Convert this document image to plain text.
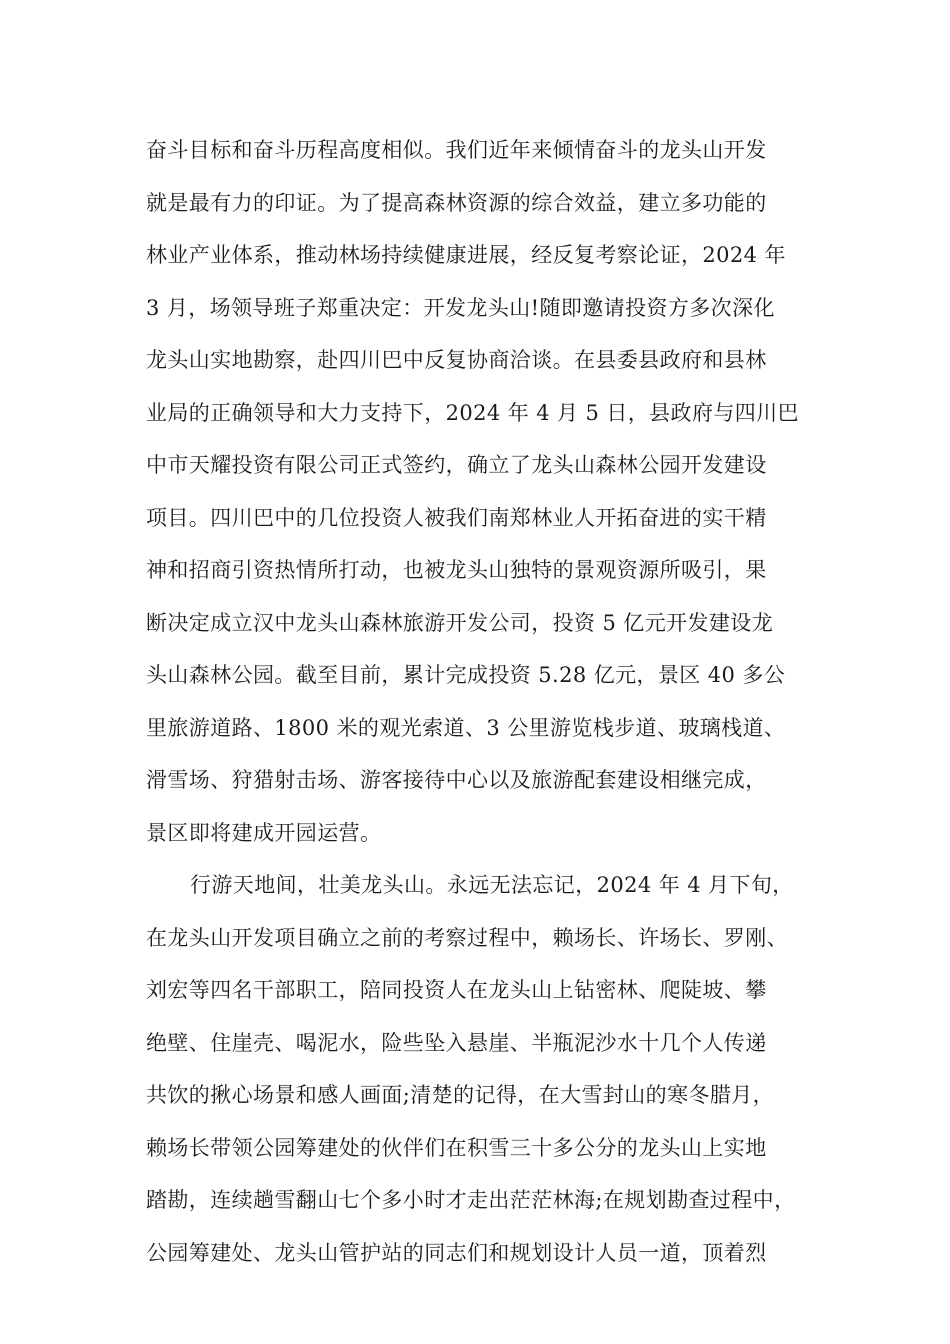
奋斗目标和奋斗历程高度相似。我们近年来倾情奋斗的龙头山开发
就是最有力的印证。为了提高森林资源的综合效益，建立多功能的
林业产业体系，推动林场持续健康进展，经反复考察论证，2024 年
3 月，场领导班子郑重决定：开发龙头山!随即邀请投资方多次深化
龙头山实地勘察，赴四川巴中反复协商洽谈。在县委县政府和县林
业局的正确领导和大力支持下，2024 年 4 月 5 日，县政府与四川巴
中市天耀投资有限公司正式签约，确立了龙头山森林公园开发建设
项目。四川巴中的几位投资人被我们南郑林业人开拓奋进的实干精
神和招商引资热情所打动，也被龙头山独特的景观资源所吸引，果
断决定成立汉中龙头山森林旅游开发公司，投资 5 亿元开发建设龙
头山森林公园。截至目前，累计完成投资 5.28 亿元，景区 40 多公
里旅游道路、1800 米的观光索道、3 公里游览栈步道、玻璃栈道、
滑雪场、狩猎射击场、游客接待中心以及旅游配套建设相继完成，
景区即将建成开园运营。
行游天地间，壮美龙头山。永远无法忘记，2024 年 4 月下旬，
在龙头山开发项目确立之前的考察过程中，赖场长、许场长、罗刚、
刘宏等四名干部职工，陪同投资人在龙头山上钻密林、爬陡坡、攀
绝壁、住崖壳、喝泥水，险些坠入悬崖、半瓶泥沙水十几个人传递
共饮的揪心场景和感人画面;清楚的记得，在大雪封山的寒冬腊月，
赖场长带领公园筹建处的伙伴们在积雪三十多公分的龙头山上实地
踏勘，连续趟雪翻山七个多小时才走出茫茫林海;在规划勘查过程中，
公园筹建处、龙头山管护站的同志们和规划设计人员一道，顶着烈
